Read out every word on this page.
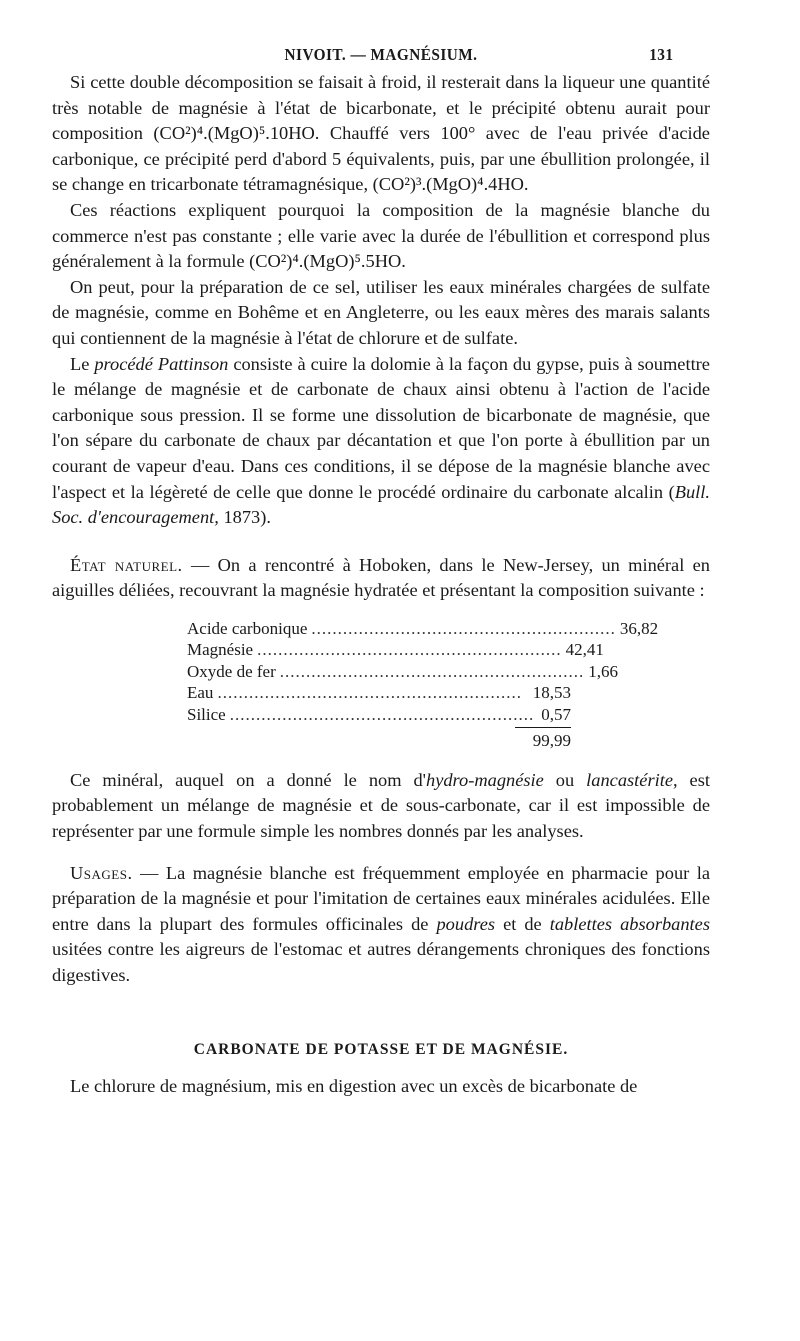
NIVOIT. — MAGNÉSIUM.	131

Si cette double décomposition se faisait à froid, il resterait dans la liqueur une quantité très notable de magnésie à l'état de bicarbonate, et le précipité obtenu aurait pour composition (CO²)⁴.(MgO)⁵.10HO. Chauffé vers 100° avec de l'eau privée d'acide carbonique, ce précipité perd d'abord 5 équivalents, puis, par une ébullition prolongée, il se change en tricarbonate tétramagnésique, (CO²)³.(MgO)⁴.4HO.

Ces réactions expliquent pourquoi la composition de la magnésie blanche du commerce n'est pas constante ; elle varie avec la durée de l'ébullition et correspond plus généralement à la formule (CO²)⁴.(MgO)⁵.5HO.

On peut, pour la préparation de ce sel, utiliser les eaux minérales chargées de sulfate de magnésie, comme en Bohême et en Angleterre, ou les eaux mères des marais salants qui contiennent de la magnésie à l'état de chlorure et de sulfate.

Le procédé Pattinson consiste à cuire la dolomie à la façon du gypse, puis à soumettre le mélange de magnésie et de carbonate de chaux ainsi obtenu à l'action de l'acide carbonique sous pression. Il se forme une dissolution de bicarbonate de magnésie, que l'on sépare du carbonate de chaux par décantation et que l'on porte à ébullition par un courant de vapeur d'eau. Dans ces conditions, il se dépose de la magnésie blanche avec l'aspect et la légèreté de celle que donne le procédé ordinaire du carbonate alcalin (Bull. Soc. d'encouragement, 1873).

État naturel. — On a rencontré à Hoboken, dans le New-Jersey, un minéral en aiguilles déliées, recouvrant la magnésie hydratée et présentant la composition suivante :

Acide carbonique .......................................................... 36,82
Magnésie .......................................................... 42,41
Oxyde de fer .......................................................... 1,66
Eau .......................................................... 18,53
Silice .......................................................... 0,57
99,99

Ce minéral, auquel on a donné le nom d'hydro-magnésie ou lancastérite, est probablement un mélange de magnésie et de sous-carbonate, car il est impossible de représenter par une formule simple les nombres donnés par les analyses.

Usages. — La magnésie blanche est fréquemment employée en pharmacie pour la préparation de la magnésie et pour l'imitation de certaines eaux minérales acidulées. Elle entre dans la plupart des formules officinales de poudres et de tablettes absorbantes usitées contre les aigreurs de l'estomac et autres dérangements chroniques des fonctions digestives.

CARBONATE DE POTASSE ET DE MAGNÉSIE.

Le chlorure de magnésium, mis en digestion avec un excès de bicarbonate de
